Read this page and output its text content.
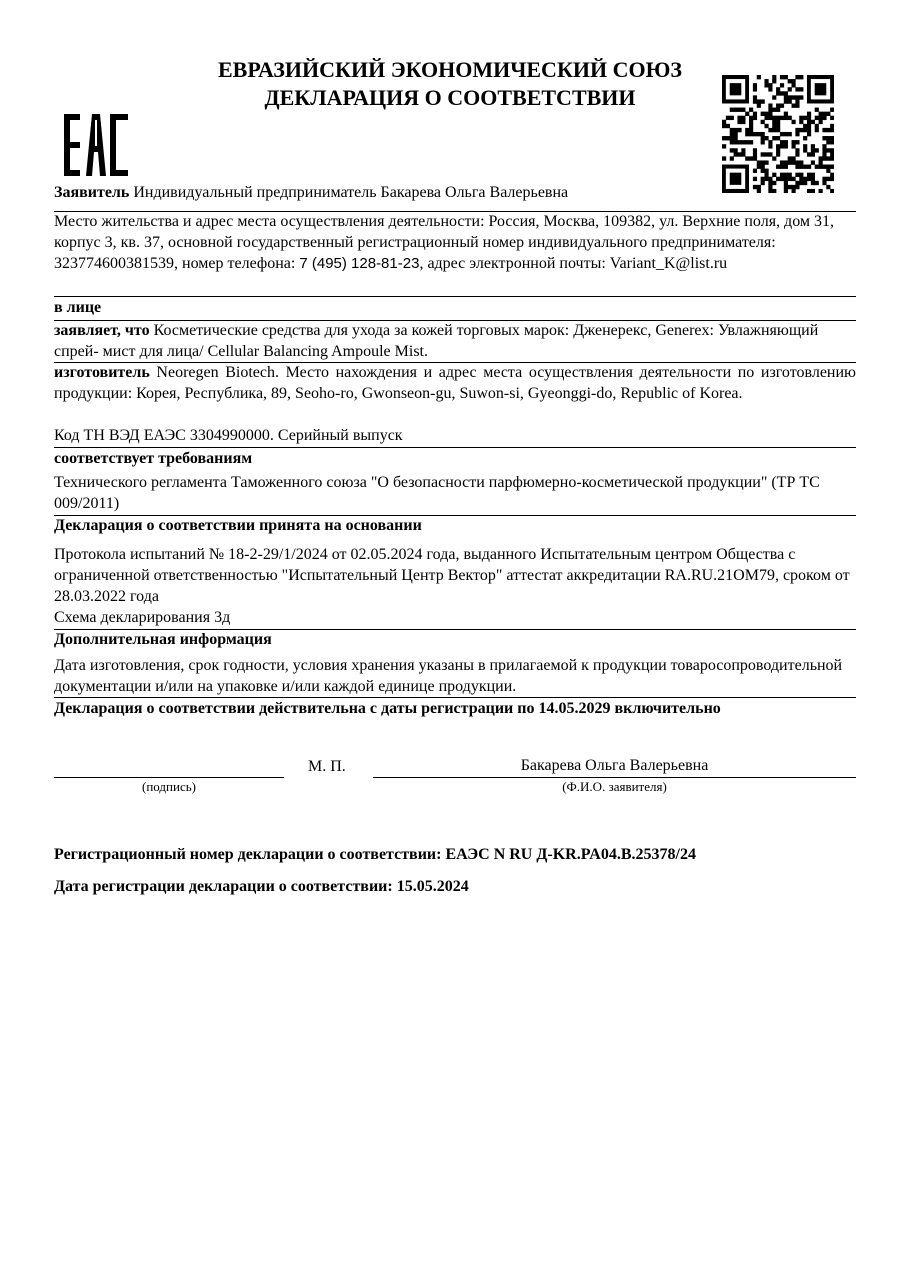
ЕВРАЗИЙСКИЙ ЭКОНОМИЧЕСКИЙ СОЮЗ
ДЕКЛАРАЦИЯ О СООТВЕТСТВИИ
Заявитель Индивидуальный предприниматель Бакарева Ольга Валерьевна
Место жительства и адрес места осуществления деятельности: Россия, Москва, 109382, ул. Верхние поля, дом 31, корпус 3, кв. 37, основной государственный регистрационный номер индивидуального предпринимателя: 323774600381539, номер телефона: 7 (495) 128-81-23, адрес электронной почты: Variant_K@list.ru
в лице
заявляет, что Косметические средства для ухода за кожей торговых марок: Дженерекс, Generex: Увлажняющий спрей- мист для лица/ Cellular Balancing Ampoule Mist.
изготовитель Neoregen Biotech. Место нахождения и адрес места осуществления деятельности по изготовлению продукции: Корея, Республика, 89, Seoho-ro, Gwonseon-gu, Suwon-si, Gyeonggi-do, Republic of Korea.
Код ТН ВЭД ЕАЭС 3304990000. Серийный выпуск
соответствует требованиям
Технического регламента Таможенного союза "О безопасности парфюмерно-косметической продукции" (ТР ТС 009/2011)
Декларация о соответствии принята на основании
Протокола испытаний № 18-2-29/1/2024 от 02.05.2024 года, выданного Испытательным центром Общества с ограниченной ответственностью "Испытательный Центр Вектор" аттестат аккредитации RA.RU.21ОМ79, сроком от 28.03.2022 года
Схема декларирования 3д
Дополнительная информация
Дата изготовления, срок годности, условия хранения указаны в прилагаемой к продукции товаросопроводительной документации и/или на упаковке и/или каждой единице продукции.
Декларация о соответствии действительна с даты регистрации по 14.05.2029 включительно
М. П.	Бакарева Ольга Валерьевна
(подпись)	(Ф.И.О. заявителя)
Регистрационный номер декларации о соответствии: ЕАЭС N RU Д-KR.PA04.B.25378/24
Дата регистрации декларации о соответствии: 15.05.2024
